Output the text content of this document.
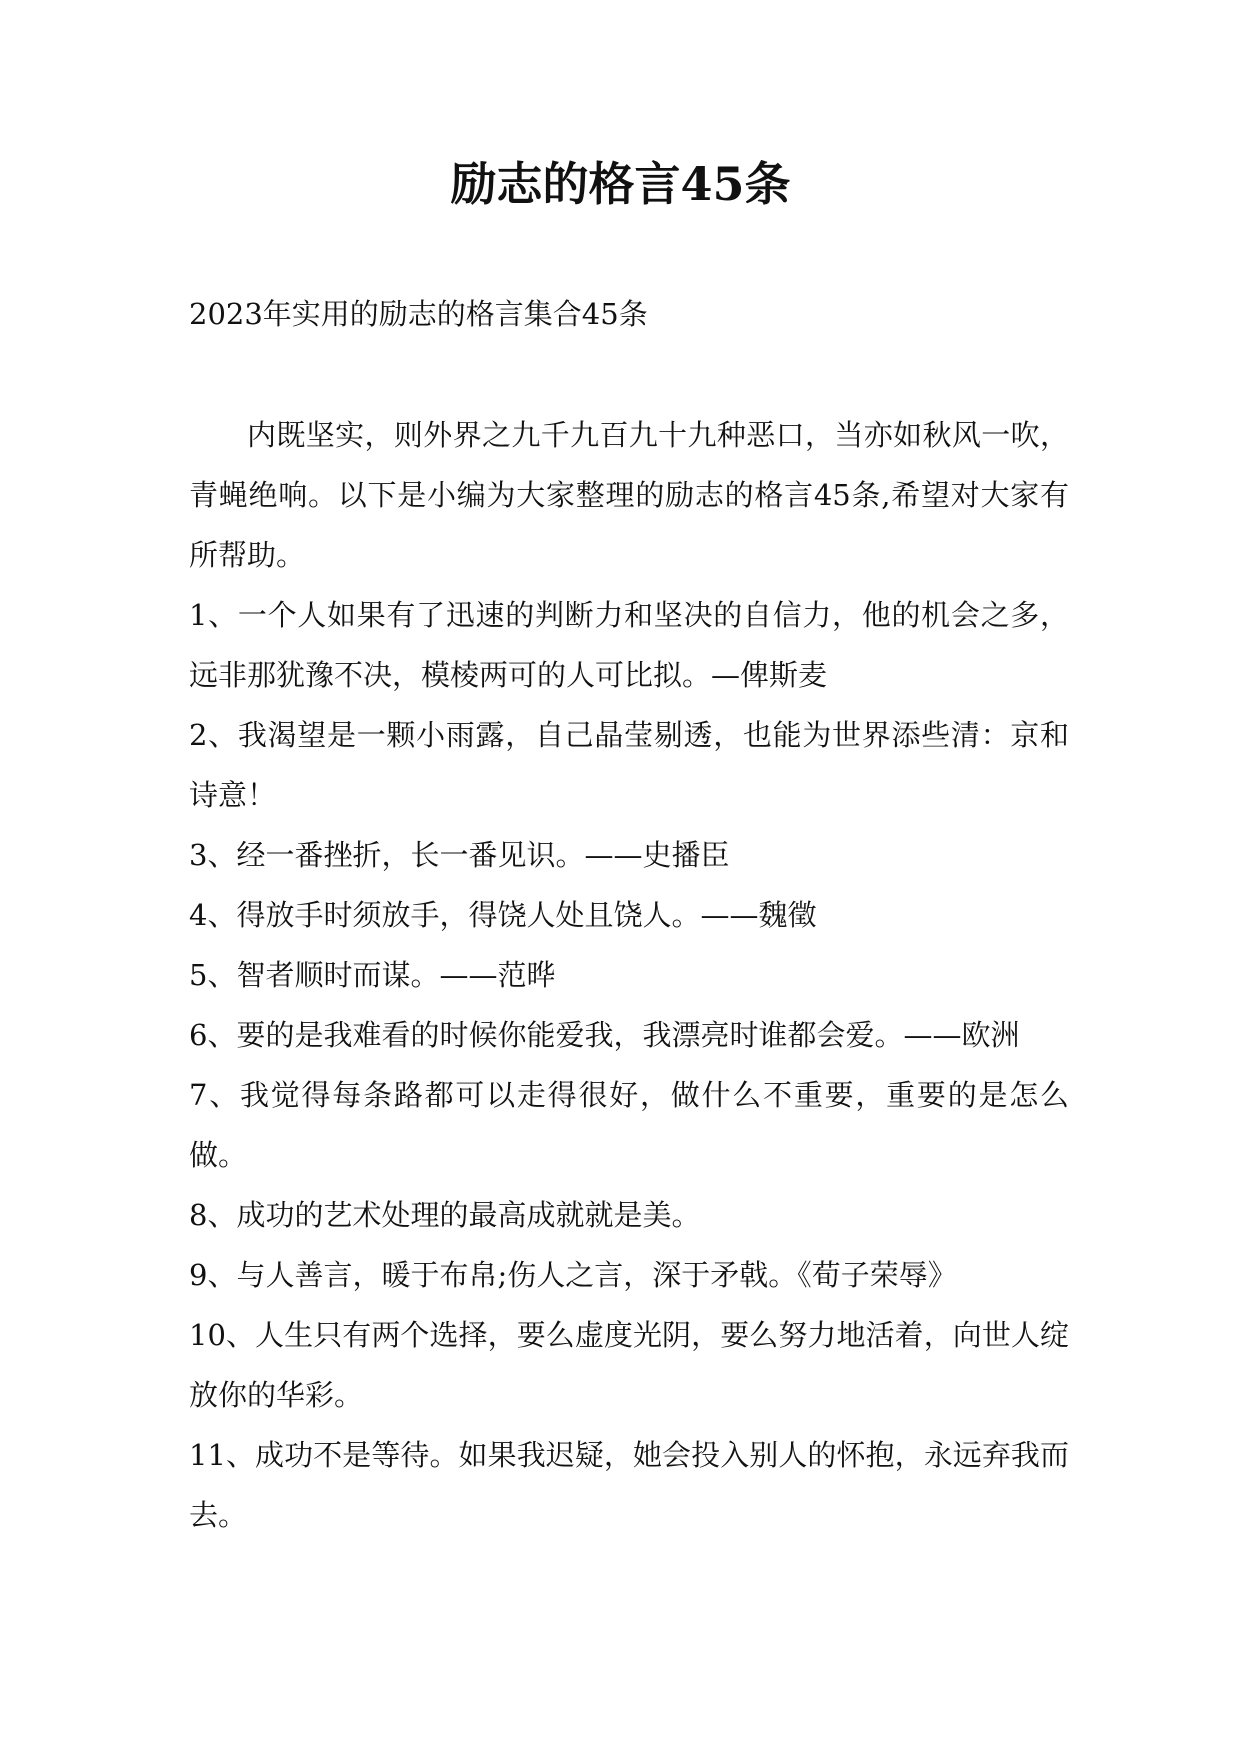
励志的格言45条

2023年实用的励志的格言集合45条

内既坚实，则外界之九千九百九十九种恶口，当亦如秋风一吹，青蝇绝响。以下是小编为大家整理的励志的格言45条,希望对大家有所帮助。

1、一个人如果有了迅速的判断力和坚决的自信力，他的机会之多，远非那犹豫不决，模棱两可的人可比拟。—俾斯麦

2、我渴望是一颗小雨露，自己晶莹剔透，也能为世界添些清：京和诗意！

3、经一番挫折，长一番见识。——史播臣

4、得放手时须放手，得饶人处且饶人。——魏徵

5、智者顺时而谋。——范晔

6、要的是我难看的时候你能爱我，我漂亮时谁都会爱。——欧洲

7、我觉得每条路都可以走得很好，做什么不重要，重要的是怎么做。

8、成功的艺术处理的最高成就就是美。

9、与人善言，暖于布帛;伤人之言，深于矛戟。《荀子荣辱》

10、人生只有两个选择，要么虚度光阴，要么努力地活着，向世人绽放你的华彩。

11、成功不是等待。如果我迟疑，她会投入别人的怀抱，永远弃我而去。
